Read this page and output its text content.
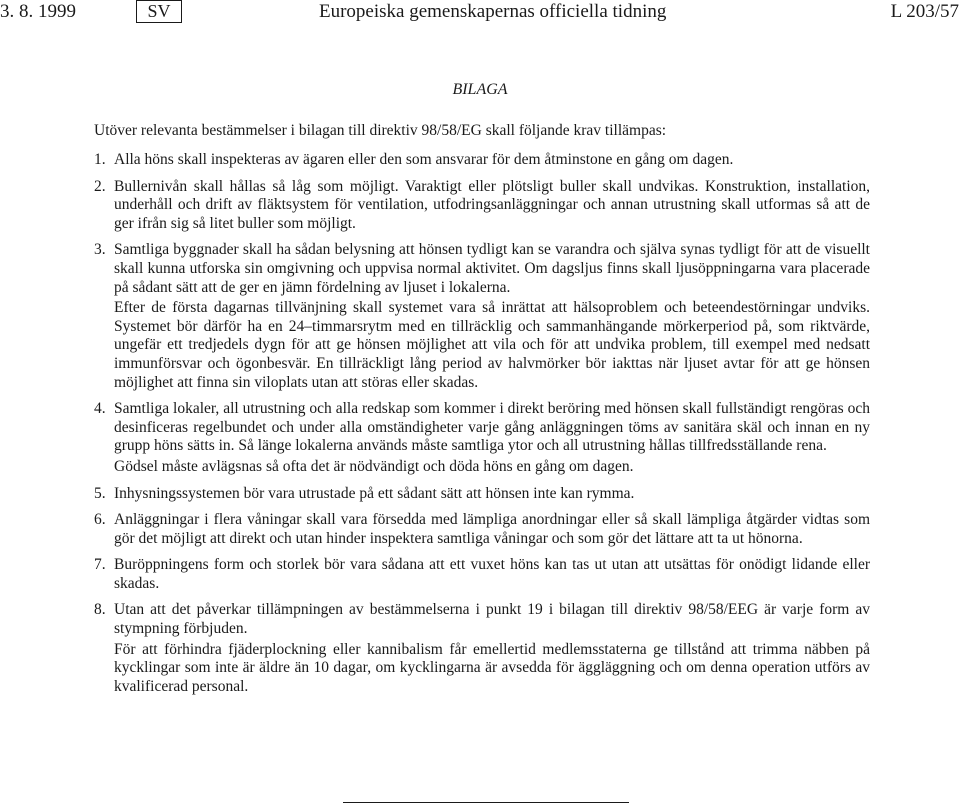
3. 8. 1999	SV	Europeiska gemenskapernas officiella tidning	L 203/57
BILAGA
Utöver relevanta bestämmelser i bilagan till direktiv 98/58/EG skall följande krav tillämpas:
1. Alla höns skall inspekteras av ägaren eller den som ansvarar för dem åtminstone en gång om dagen.

2. Bullernivån skall hållas så låg som möjligt. Varaktigt eller plötsligt buller skall undvikas. Konstruktion, installation, underhåll och drift av fläktsystem för ventilation, utfodringsanläggningar och annan utrustning skall utformas så att de ger ifrån sig så litet buller som möjligt.

3. Samtliga byggnader skall ha sådan belysning att hönsen tydligt kan se varandra och själva synas tydligt för att de visuellt skall kunna utforska sin omgivning och uppvisa normal aktivitet. Om dagsljus finns skall ljusöppningarna vara placerade på sådant sätt att de ger en jämn fördelning av ljuset i lokalerna.

Efter de första dagarnas tillvänjning skall systemet vara så inrättat att hälsoproblem och beteendestörningar undviks. Systemet bör därför ha en 24–timmarsrytm med en tillräcklig och sammanhängande mörkerperiod på, som riktvärde, ungefär ett tredjedels dygn för att ge hönsen möjlighet att vila och för att undvika problem, till exempel med nedsatt immunförsvar och ögonbesvär. En tillräckligt lång period av halvmörker bör iakttas när ljuset avtar för att ge hönsen möjlighet att finna sin viloplats utan att störas eller skadas.

4. Samtliga lokaler, all utrustning och alla redskap som kommer i direkt beröring med hönsen skall fullständigt rengöras och desinficeras regelbundet och under alla omständigheter varje gång anläggningen töms av sanitära skäl och innan en ny grupp höns sätts in. Så länge lokalerna används måste samtliga ytor och all utrustning hållas tillfredsställande rena.

Gödsel måste avlägsnas så ofta det är nödvändigt och döda höns en gång om dagen.

5. Inhysningssystemen bör vara utrustade på ett sådant sätt att hönsen inte kan rymma.

6. Anläggningar i flera våningar skall vara försedda med lämpliga anordningar eller så skall lämpliga åtgärder vidtas som gör det möjligt att direkt och utan hinder inspektera samtliga våningar och som gör det lättare att ta ut hönorna.

7. Buröppningens form och storlek bör vara sådana att ett vuxet höns kan tas ut utan att utsättas för onödigt lidande eller skadas.

8. Utan att det påverkar tillämpningen av bestämmelserna i punkt 19 i bilagan till direktiv 98/58/EEG är varje form av stympning förbjuden.

För att förhindra fjäderplockning eller kannibalism får emellertid medlemsstaterna ge tillstånd att trimma näbben på kycklingar som inte är äldre än 10 dagar, om kycklingarna är avsedda för äggläggning och om denna operation utförs av kvalificerad personal.
